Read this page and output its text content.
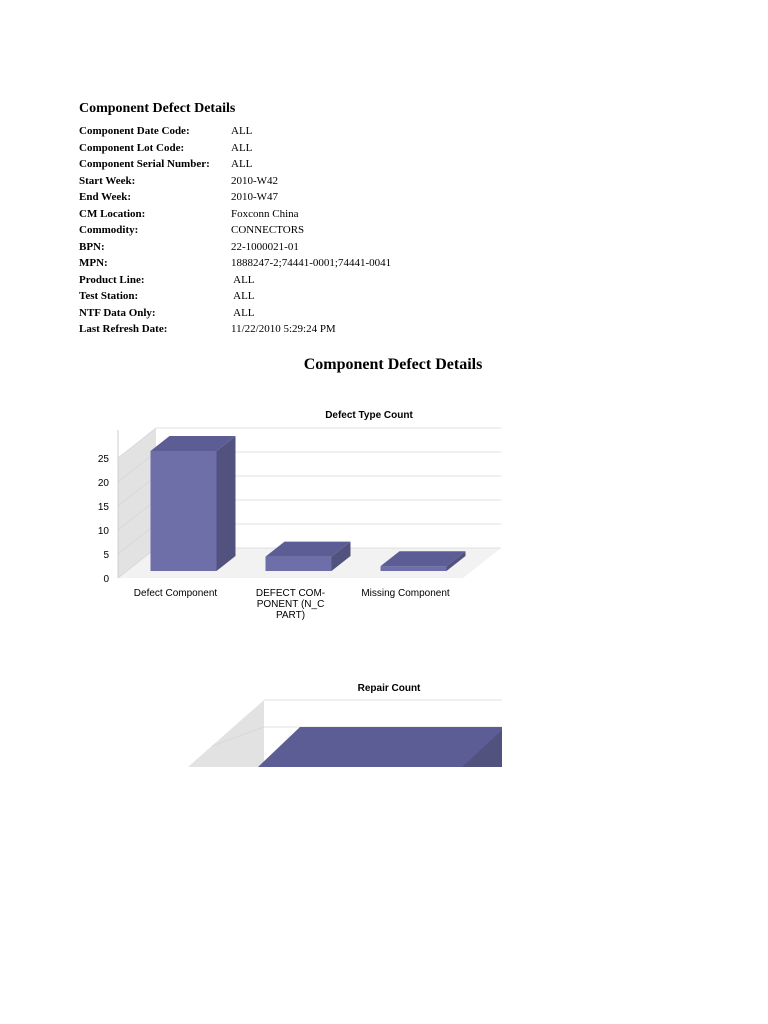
Component Defect Details
Component Date Code:	ALL
Component Lot Code:	ALL
Component Serial Number: ALL
Start Week:	2010-W42
End Week:	2010-W47
CM Location:	Foxconn China
Commodity:	CONNECTORS
BPN:	22-1000021-01
MPN:	1888247-2;74441-0001;74441-0041
Product Line:	ALL
Test Station:	ALL
NTF Data Only:	ALL
Last Refresh Date:	11/22/2010 5:29:24 PM
Component Defect Details
Defect Type Count
0
5
10
15
20
25
Defect Component	DEFECT COM-
PONENT (N_C
PART)
Missing Component
Repair Count
